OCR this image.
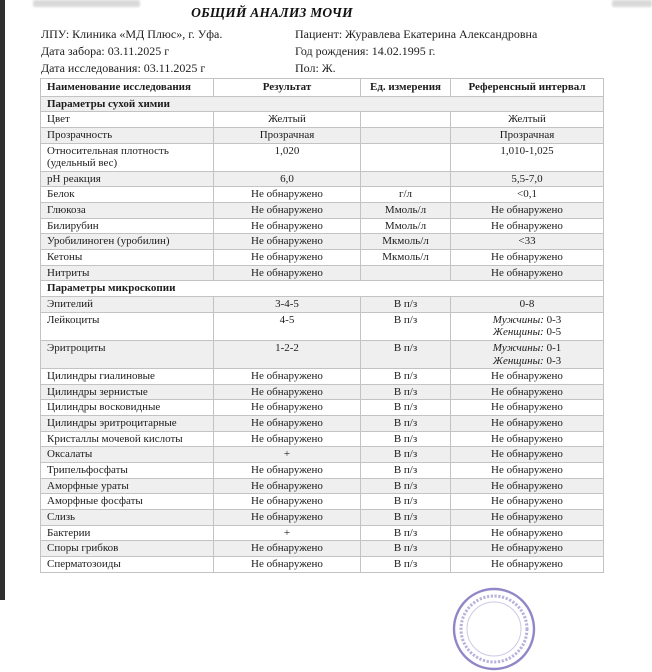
ОБЩИЙ АНАЛИЗ МОЧИ
ЛПУ: Клиника «МД Плюс», г. Уфа.
Дата забора: 03.11.2025 г
Дата исследования: 03.11.2025 г
Пациент: Журавлева Екатерина Александровна
Год рождения: 14.02.1995 г.
Пол: Ж.
Наименование исследования	Результат	Ед. измерения	Референсный интервал
Параметры сухой химии			
Цвет	Желтый		Желтый
Прозрачность	Прозрачная		Прозрачная
Относительная плотность (удельный вес)	1,020		1,010-1,025
pH реакция	6,0		5,5-7,0
Белок	Не обнаружено	г/л	<0,1
Глюкоза	Не обнаружено	Ммоль/л	Не обнаружено
Билирубин	Не обнаружено	Ммоль/л	Не обнаружено
Уробилиноген (уробилин)	Не обнаружено	Мкмоль/л	<33
Кетоны	Не обнаружено	Мкмоль/л	Не обнаружено
Нитриты	Не обнаружено		Не обнаружено
Параметры микроскопии			
Эпителий	3-4-5	В п/з	0-8
Лейкоциты	4-5	В п/з	Мужчины: 0-3
Женщины: 0-5

Эритроциты	1-2-2	В п/з	Мужчины: 0-1
Женщины: 0-3

Цилиндры гиалиновые	Не обнаружено	В п/з	Не обнаружено
Цилиндры зернистые	Не обнаружено	В п/з	Не обнаружено
Цилиндры восковидные	Не обнаружено	В п/з	Не обнаружено
Цилиндры эритроцитарные	Не обнаружено	В п/з	Не обнаружено
Кристаллы мочевой кислоты	Не обнаружено	В п/з	Не обнаружено
Оксалаты	+	В п/з	Не обнаружено
Трипельфосфаты	Не обнаружено	В п/з	Не обнаружено
Аморфные ураты	Не обнаружено	В п/з	Не обнаружено
Аморфные фосфаты	Не обнаружено	В п/з	Не обнаружено
Слизь	Не обнаружено	В п/з	Не обнаружено
Бактерии	+	В п/з	Не обнаружено
Споры грибков	Не обнаружено	В п/з	Не обнаружено
Сперматозоиды	Не обнаружено	В п/з	Не обнаружено
